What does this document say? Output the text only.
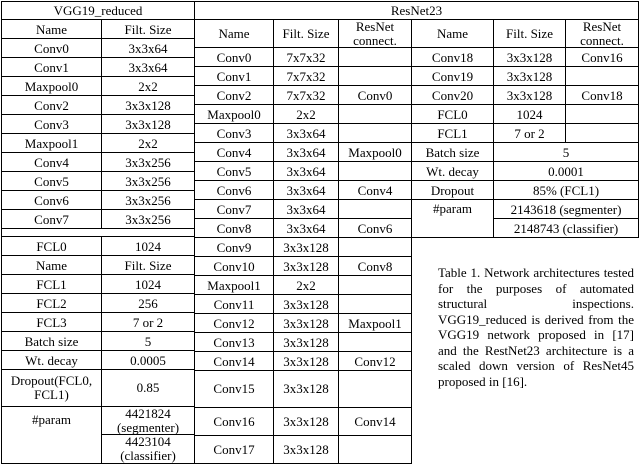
VGG19_reduced	
Name	Filt. Size
Conv0	3x3x64
Conv1	3x3x64
Maxpool0	2x2
Conv2	3x3x128
Conv3	3x3x128
Maxpool1	2x2
Conv4	3x3x256
Conv5	3x3x256
Conv6	3x3x256
Conv7	3x3x256

FCL0	1024
Name	Filt. Size
FCL1	1024
FCL2	256
FCL3	7 or 2
Batch size	5
Wt. decay	0.0005
Dropout(FCL0, FCL1)	0.85
#param	4421824 (segmenter)
	4423104 (classifier)
ResNet23					
Name	Filt. Size	ResNet connect.	Name	Filt. Size	ResNet connect.
Conv0	7x7x32		Conv18	3x3x128	Conv16
Conv1	7x7x32		Conv19	3x3x128	
Conv2	7x7x32	Conv0	Conv20	3x3x128	Conv18
Maxpool0	2x2		FCL0	1024	
Conv3	3x3x64		FCL1	7 or 2	
Conv4	3x3x64	Maxpool0	Batch size	5	
Conv5	3x3x64		Wt. decay	0.0001	
Conv6	3x3x64	Conv4	Dropout	85% (FCL1)	
Conv7	3x3x64		#param	2143618 (segmenter)	
Conv8	3x3x64	Conv6		2148743 (classifier)	
Conv9	3x3x128				
Conv10	3x3x128	Conv8			
Maxpool1	2x2				
Conv11	3x3x128				
Conv12	3x3x128	Maxpool1			
Conv13	3x3x128				
Conv14	3x3x128	Conv12			
Conv15	3x3x128				
Conv16	3x3x128	Conv14			
Conv17	3x3x128				
Table 1. Network architectures tested for the purposes of automated structural inspections. VGG19_reduced is derived from the VGG19 network proposed in [17] and the RestNet23 architecture is a scaled down version of ResNet45 proposed in [16].
